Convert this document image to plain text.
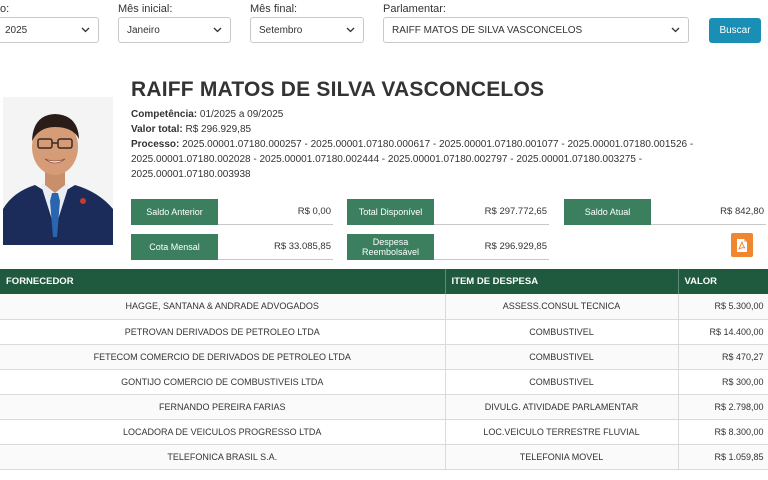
o:
2025
Mês inicial:
Janeiro
Mês final:
Setembro
Parlamentar:
RAIFF MATOS DE SILVA VASCONCELOS	Buscar
RAIFF MATOS DE SILVA VASCONCELOS
Competência: 01/2025 a 09/2025
Valor total: R$ 296.929,85
Processo: 2025.00001.07180.000257 - 2025.00001.07180.000617 - 2025.00001.07180.001077 - 2025.00001.07180.001526 - 2025.00001.07180.002028 - 2025.00001.07180.002444 - 2025.00001.07180.002797 - 2025.00001.07180.003275 - 2025.00001.07180.003938
Saldo Anterior	R$ 0,00	Total Disponível	R$ 297.772,65	Saldo Atual	R$ 842,80
Cota Mensal	R$ 33.085,85	Despesa Reembolsável	R$ 296.929,85
FORNECEDOR	ITEM DE DESPESA	VALOR
HAGGE, SANTANA & ANDRADE ADVOGADOS	ASSESS.CONSUL TECNICA	R$ 5.300,00
PETROVAN DERIVADOS DE PETROLEO LTDA	COMBUSTIVEL	R$ 14.400,00
FETECOM COMERCIO DE DERIVADOS DE PETROLEO LTDA	COMBUSTIVEL	R$ 470,27
GONTIJO COMERCIO DE COMBUSTIVEIS LTDA	COMBUSTIVEL	R$ 300,00
FERNANDO PEREIRA FARIAS	DIVULG. ATIVIDADE PARLAMENTAR	R$ 2.798,00
LOCADORA DE VEICULOS PROGRESSO LTDA	LOC.VEICULO TERRESTRE FLUVIAL	R$ 8.300,00
TELEFONICA BRASIL S.A.	TELEFONIA MOVEL	R$ 1.059,85
